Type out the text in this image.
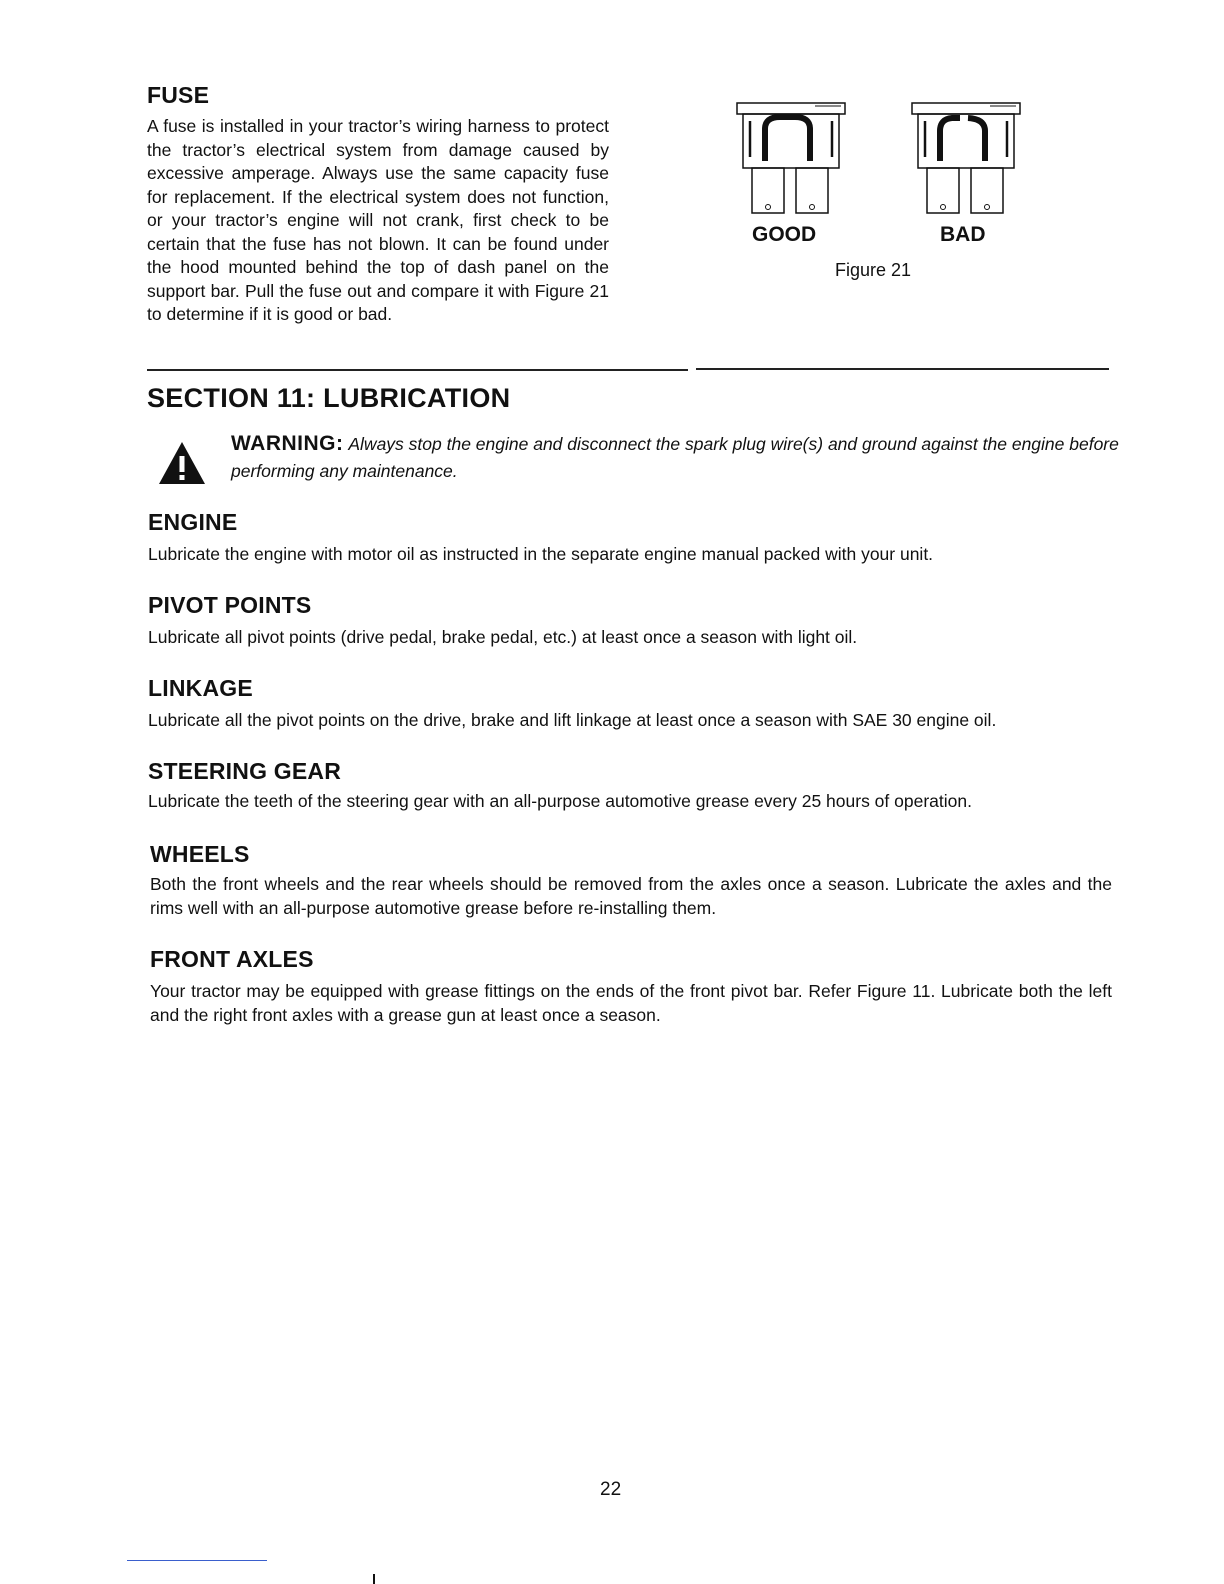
FUSE

A fuse is installed in your tractor’s wiring harness to protect the tractor’s electrical system from damage caused by excessive amperage. Always use the same capacity fuse for replacement. If the electrical system does not function, or your tractor’s engine will not crank, first check to be certain that the fuse has not blown. It can be found under the hood mounted behind the top of dash panel on the support bar. Pull the fuse out and compare it with Figure 21 to determine if it is good or bad.

GOOD	BAD
Figure 21
SECTION 11: LUBRICATION
WARNING: Always stop the engine and disconnect the spark plug wire(s) and ground against the engine before performing any maintenance.
ENGINE

Lubricate the engine with motor oil as instructed in the separate engine manual packed with your unit.

PIVOT POINTS

Lubricate all pivot points (drive pedal, brake pedal, etc.) at least once a season with light oil.

LINKAGE

Lubricate all the pivot points on the drive, brake and lift linkage at least once a season with SAE 30 engine oil.

STEERING GEAR

Lubricate the teeth of the steering gear with an all-purpose automotive grease every 25 hours of operation.

WHEELS

Both the front wheels and the rear wheels should be removed from the axles once a season. Lubricate the axles and the rims well with an all-purpose automotive grease before re-installing them.

FRONT AXLES

Your tractor may be equipped with grease fittings on the ends of the front pivot bar. Refer Figure 11. Lubricate both the left and the right front axles with a grease gun at least once a season.

22
